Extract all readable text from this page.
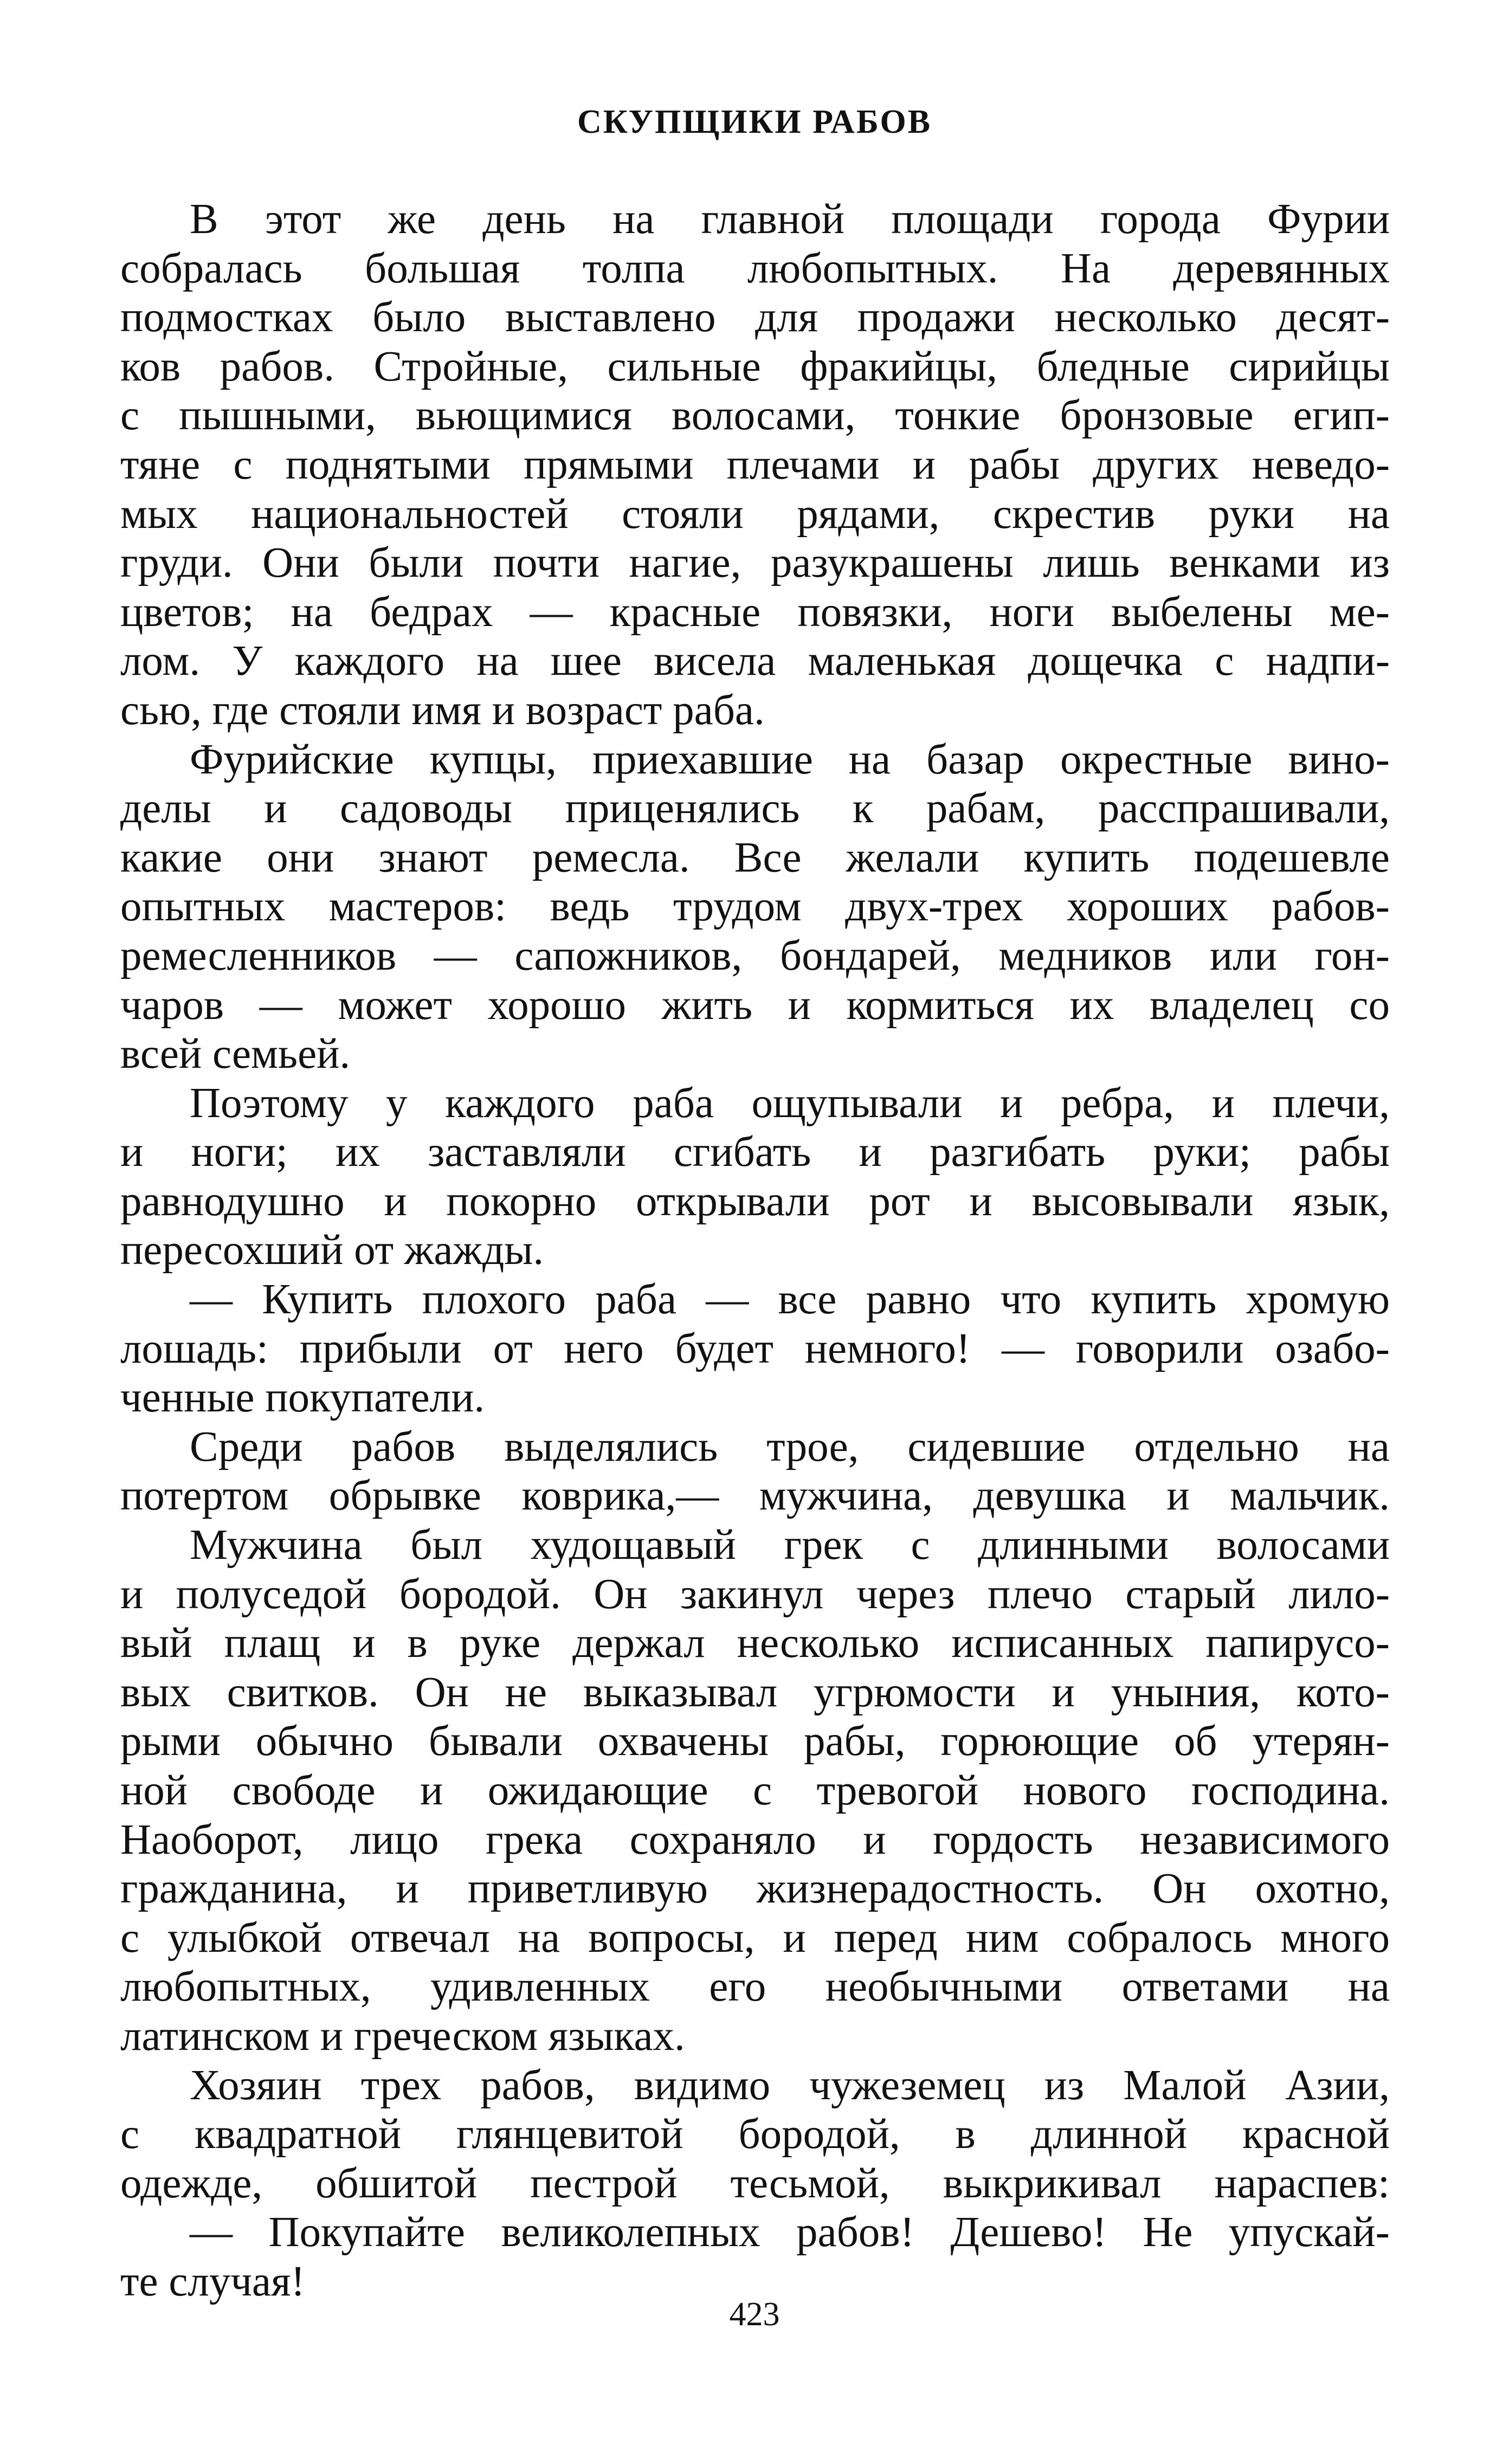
СКУПЩИКИ РАБОВ

В этот же день на главной площади города Фурии
собралась большая толпа любопытных. На деревянных
подмостках было выставлено для продажи несколько десят-
ков рабов. Стройные, сильные фракийцы, бледные сирийцы
с пышными, вьющимися волосами, тонкие бронзовые егип-
тяне с поднятыми прямыми плечами и рабы других неведо-
мых национальностей стояли рядами, скрестив руки на
груди. Они были почти нагие, разукрашены лишь венками из
цветов; на бедрах — красные повязки, ноги выбелены ме-
лом. У каждого на шее висела маленькая дощечка с надпи-
сью, где стояли имя и возраст раба.

Фурийские купцы, приехавшие на базар окрестные вино-
делы и садоводы приценялись к рабам, расспрашивали,
какие они знают ремесла. Все желали купить подешевле
опытных мастеров: ведь трудом двух-трех хороших рабов-
ремесленников — сапожников, бондарей, медников или гон-
чаров — может хорошо жить и кормиться их владелец со
всей семьей.

Поэтому у каждого раба ощупывали и ребра, и плечи,
и ноги; их заставляли сгибать и разгибать руки; рабы
равнодушно и покорно открывали рот и высовывали язык,
пересохший от жажды.

— Купить плохого раба — все равно что купить хромую
лошадь: прибыли от него будет немного! — говорили озабо-
ченные покупатели.

Среди рабов выделялись трое, сидевшие отдельно на
потертом обрывке коврика,— мужчина, девушка и мальчик.

Мужчина был худощавый грек с длинными волосами
и полуседой бородой. Он закинул через плечо старый лило-
вый плащ и в руке держал несколько исписанных папирусо-
вых свитков. Он не выказывал угрюмости и уныния, кото-
рыми обычно бывали охвачены рабы, горюющие об утерян-
ной свободе и ожидающие с тревогой нового господина.
Наоборот, лицо грека сохраняло и гордость независимого
гражданина, и приветливую жизнерадостность. Он охотно,
с улыбкой отвечал на вопросы, и перед ним собралось много
любопытных, удивленных его необычными ответами на
латинском и греческом языках.

Хозяин трех рабов, видимо чужеземец из Малой Азии,
с квадратной глянцевитой бородой, в длинной красной
одежде, обшитой пестрой тесьмой, выкрикивал нараспев:

— Покупайте великолепных рабов! Дешево! Не упускай-
те случая!

423
